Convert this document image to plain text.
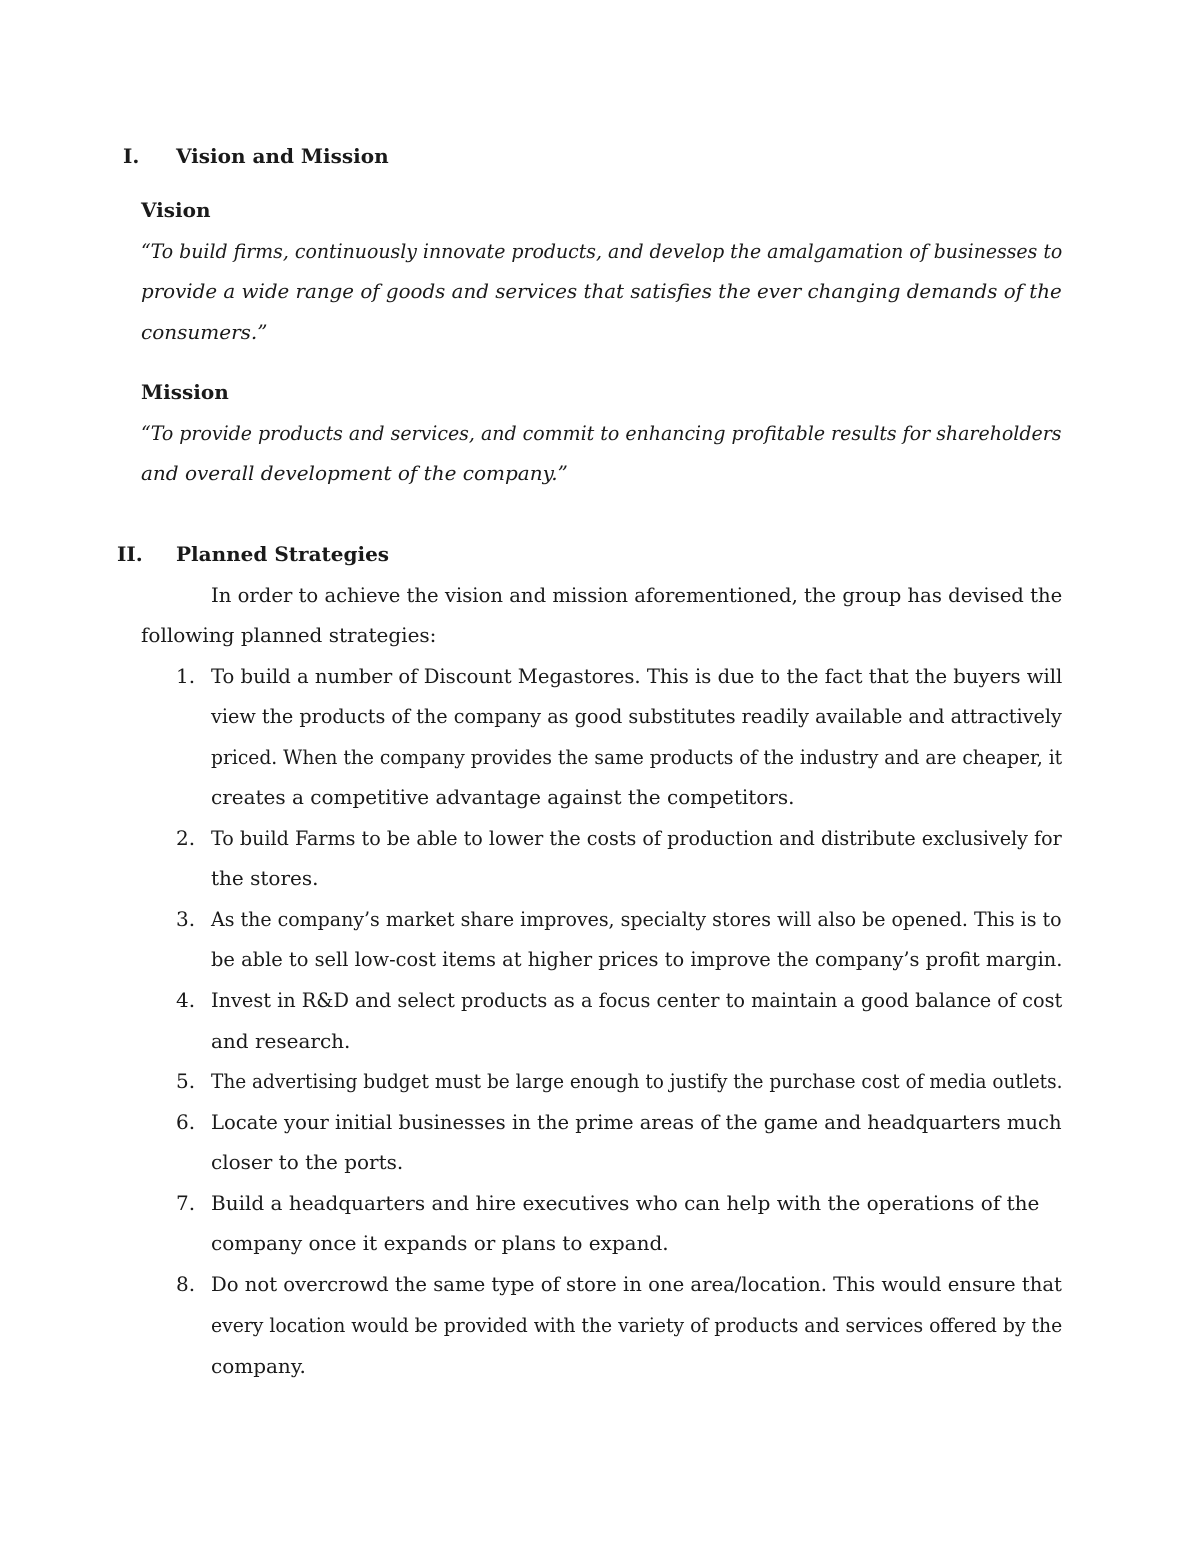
I. Vision and Mission
Vision
“To build firms, continuously innovate products, and develop the amalgamation of businesses to
provide a wide range of goods and services that satisfies the ever changing demands of the
consumers.”
Mission
“To provide products and services, and commit to enhancing profitable results for shareholders
and overall development of the company.”
II. Planned Strategies
In order to achieve the vision and mission aforementioned, the group has devised the
following planned strategies:
1. To build a number of Discount Megastores. This is due to the fact that the buyers will
view the products of the company as good substitutes readily available and attractively
priced. When the company provides the same products of the industry and are cheaper, it
creates a competitive advantage against the competitors.
2. To build Farms to be able to lower the costs of production and distribute exclusively for
the stores.
3. As the company’s market share improves, specialty stores will also be opened. This is to
be able to sell low-cost items at higher prices to improve the company’s profit margin.
4. Invest in R&D and select products as a focus center to maintain a good balance of cost
and research.
5. The advertising budget must be large enough to justify the purchase cost of media outlets.
6. Locate your initial businesses in the prime areas of the game and headquarters much
closer to the ports.
7. Build a headquarters and hire executives who can help with the operations of the
company once it expands or plans to expand.
8. Do not overcrowd the same type of store in one area/location. This would ensure that
every location would be provided with the variety of products and services offered by the
company.
